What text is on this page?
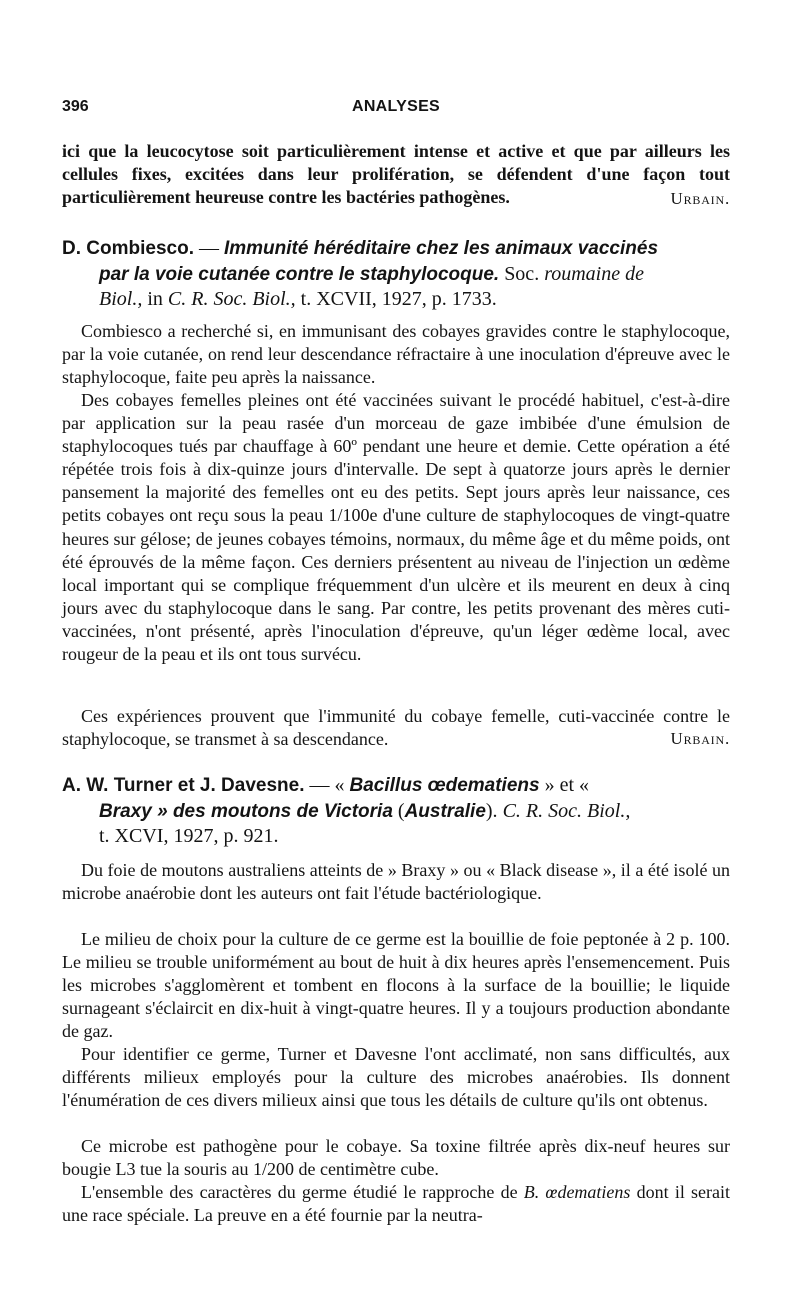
396	ANALYSES

ici que la leucocytose soit particulièrement intense et active et que par ailleurs les cellules fixes, excitées dans leur prolifération, se défendent d'une façon tout particulièrement heureuse contre les bactéries pathogènes.	Urbain.
D. Combiesco. — Immunité héréditaire chez les animaux vaccinés
par la voie cutanée contre le staphylocoque. Soc. roumaine de
Biol., in C. R. Soc. Biol., t. XCVII, 1927, p. 1733.

Combiesco a recherché si, en immunisant des cobayes gravides contre le staphylocoque, par la voie cutanée, on rend leur descendance réfractaire à une inoculation d'épreuve avec le staphylocoque, faite peu après la naissance.

Des cobayes femelles pleines ont été vaccinées suivant le procédé habituel, c'est-à-dire par application sur la peau rasée d'un morceau de gaze imbibée d'une émulsion de staphylocoques tués par chauffage à 60º pendant une heure et demie. Cette opération a été répétée trois fois à dix-quinze jours d'intervalle. De sept à quatorze jours après le dernier pansement la majorité des femelles ont eu des petits. Sept jours après leur naissance, ces petits cobayes ont reçu sous la peau 1/100e d'une culture de staphylocoques de vingt-quatre heures sur gélose; de jeunes cobayes témoins, normaux, du même âge et du même poids, ont été éprouvés de la même façon. Ces derniers présentent au niveau de l'injection un œdème local important qui se complique fréquemment d'un ulcère et ils meurent en deux à cinq jours avec du staphylocoque dans le sang. Par contre, les petits provenant des mères cuti-vaccinées, n'ont présenté, après l'inoculation d'épreuve, qu'un léger œdème local, avec rougeur de la peau et ils ont tous survécu.

Ces expériences prouvent que l'immunité du cobaye femelle, cuti-vaccinée contre le staphylocoque, se transmet à sa descendance.	Urbain.
A. W. Turner et J. Davesne. — « Bacillus œdematiens » et «
Braxy » des moutons de Victoria (Australie). C. R. Soc. Biol.,
t. XCVI, 1927, p. 921.

Du foie de moutons australiens atteints de » Braxy » ou « Black disease », il a été isolé un microbe anaérobie dont les auteurs ont fait l'étude bactériologique.

Le milieu de choix pour la culture de ce germe est la bouillie de foie peptonée à 2 p. 100. Le milieu se trouble uniformément au bout de huit à dix heures après l'ensemencement. Puis les microbes s'agglomèrent et tombent en flocons à la surface de la bouillie; le liquide surnageant s'éclaircit en dix-huit à vingt-quatre heures. Il y a toujours production abondante de gaz.

Pour identifier ce germe, Turner et Davesne l'ont acclimaté, non sans difficultés, aux différents milieux employés pour la culture des microbes anaérobies. Ils donnent l'énumération de ces divers milieux ainsi que tous les détails de culture qu'ils ont obtenus.

Ce microbe est pathogène pour le cobaye. Sa toxine filtrée après dix-neuf heures sur bougie L3 tue la souris au 1/200 de centimètre cube.

L'ensemble des caractères du germe étudié le rapproche de B. œdematiens dont il serait une race spéciale. La preuve en a été fournie par la neutra-
